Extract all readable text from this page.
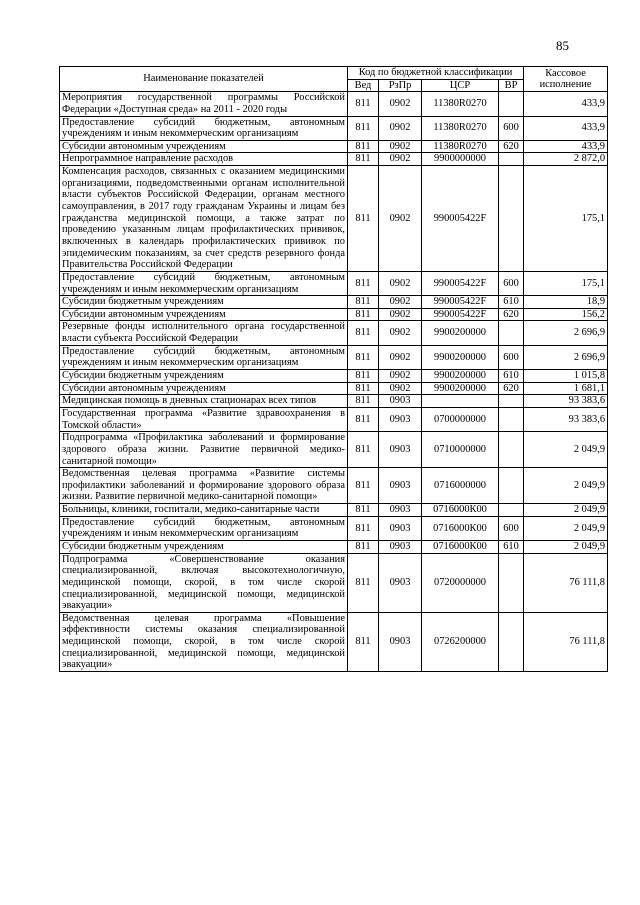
85
Наименование показателей	Код по бюджетной классификации				Кассовое исполнение
	Вед	РзПр	ЦСР	ВР	
Мероприятия государственной программы Российской Федерации «Доступная среда» на 2011 - 2020 годы	811	0902	11380R0270		433,9
Предоставление субсидий бюджетным, автономным учреждениям и иным некоммерческим организациям	811	0902	11380R0270	600	433,9
Субсидии автономным учреждениям	811	0902	11380R0270	620	433,9
Непрограммное направление расходов	811	0902	9900000000		2 872,0
Компенсация расходов, связанных с оказанием медицинскими организациями, подведомственными органам исполнительной власти субъектов Российской Федерации, органам местного самоуправления, в 2017 году гражданам Украины и лицам без гражданства медицинской помощи, а также затрат по проведению указанным лицам профилактических прививок, включенных в календарь профилактических прививок по эпидемическим показаниям, за счет средств резервного фонда Правительства Российской Федерации	811	0902	990005422F		175,1
Предоставление субсидий бюджетным, автономным учреждениям и иным некоммерческим организациям	811	0902	990005422F	600	175,1
Субсидии бюджетным учреждениям	811	0902	990005422F	610	18,9
Субсидии автономным учреждениям	811	0902	990005422F	620	156,2
Резервные фонды исполнительного органа государственной власти субъекта Российской Федерации	811	0902	9900200000		2 696,9
Предоставление субсидий бюджетным, автономным учреждениям и иным некоммерческим организациям	811	0902	9900200000	600	2 696,9
Субсидии бюджетным учреждениям	811	0902	9900200000	610	1 015,8
Субсидии автономным учреждениям	811	0902	9900200000	620	1 681,1
Медицинская помощь в дневных стационарах всех типов	811	0903			93 383,6
Государственная программа «Развитие здравоохранения в Томской области»	811	0903	0700000000		93 383,6
Подпрограмма «Профилактика заболеваний и формирование здорового образа жизни. Развитие первичной медико-санитарной помощи»	811	0903	0710000000		2 049,9
Ведомственная целевая программа «Развитие системы профилактики заболеваний и формирование здорового образа жизни. Развитие первичной медико-санитарной помощи»	811	0903	0716000000		2 049,9
Больницы, клиники, госпитали, медико-санитарные части	811	0903	0716000К00		2 049,9
Предоставление субсидий бюджетным, автономным учреждениям и иным некоммерческим организациям	811	0903	0716000К00	600	2 049,9
Субсидии бюджетным учреждениям	811	0903	0716000К00	610	2 049,9
Подпрограмма «Совершенствование оказания специализированной, включая высокотехнологичную, медицинской помощи, скорой, в том числе скорой специализированной, медицинской помощи, медицинской эвакуации»	811	0903	0720000000		76 111,8
Ведомственная целевая программа «Повышение эффективности системы оказания специализированной медицинской помощи, скорой, в том числе скорой специализированной, медицинской помощи, медицинской эвакуации»	811	0903	0726200000		76 111,8
